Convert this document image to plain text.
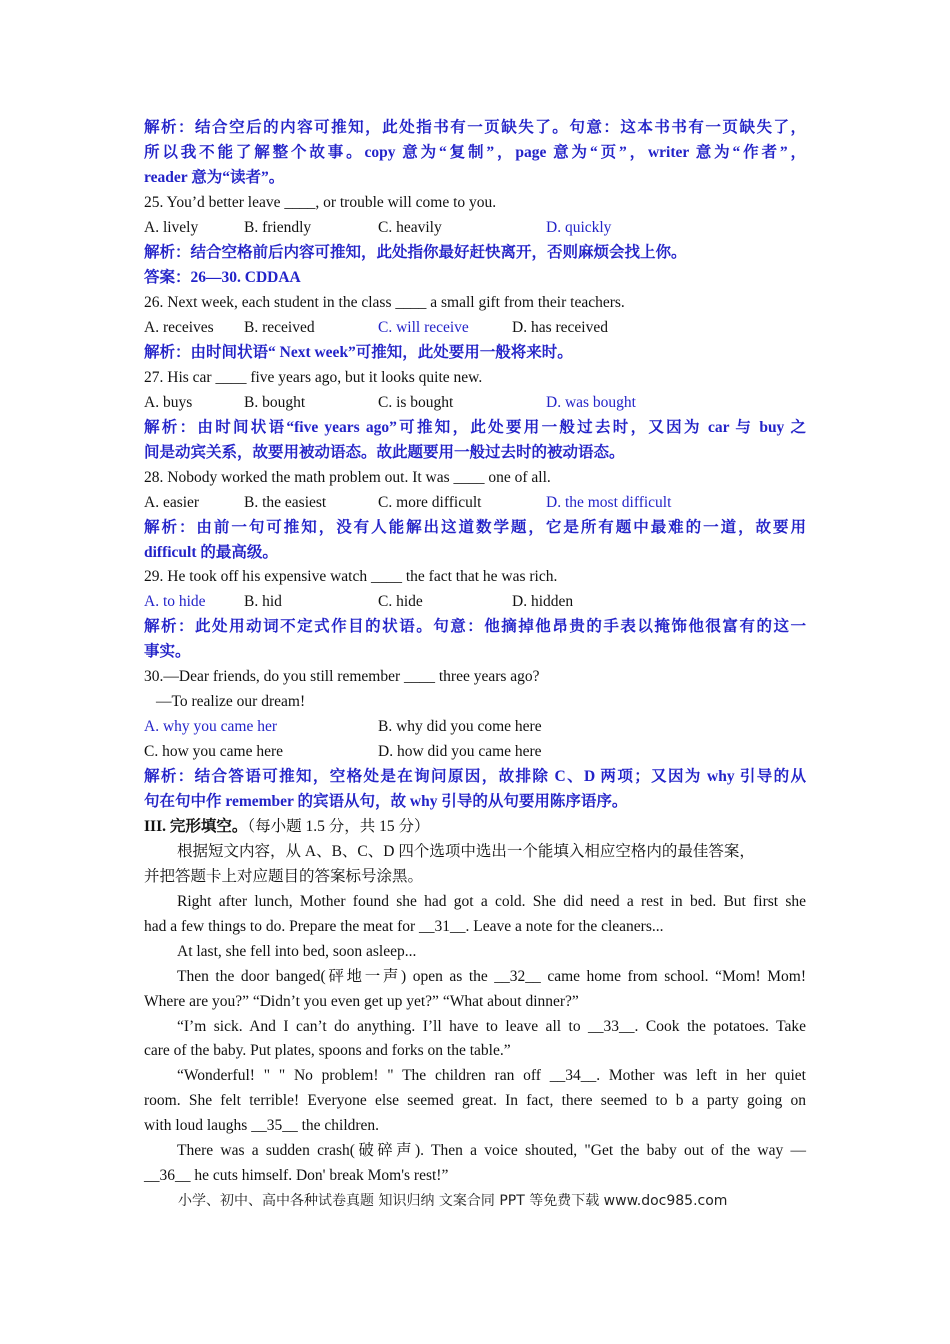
解析：结合空后的内容可推知，此处指书有一页缺失了。句意：这本书书有一页缺失了，
所以我不能了解整个故事。copy 意为“复制”，page 意为“页”，writer 意为“作者”，
reader 意为“读者”。
25. You’d better leave ____, or trouble will come to you.
A. lively	B. friendly	C. heavily	D. quickly
解析：结合空格前后内容可推知，此处指你最好赶快离开，否则麻烦会找上你。
答案：26—30. CDDAA
26. Next week, each student in the class ____ a small gift from their teachers.
A. receives B. received	C. will receive	D. has received
解析：由时间状语“ Next week”可推知，此处要用一般将来时。
27. His car ____ five years ago, but it looks quite new.
A. buys	B. bought	C. is bought	D. was bought
解析：由时间状语“five years ago”可推知，此处要用一般过去时，又因为 car 与 buy 之
间是动宾关系，故要用被动语态。故此题要用一般过去时的被动语态。
28. Nobody worked the math problem out. It was ____ one of all.
A. easier	B. the easiest	C. more difficult	D. the most difficult
解析：由前一句可推知，没有人能解出这道数学题，它是所有题中最难的一道，故要用
difficult 的最高级。
29. He took off his expensive watch ____ the fact that he was rich.
A. to hide B. hid	C. hide	D. hidden
解析：此处用动词不定式作目的状语。句意：他摘掉他昂贵的手表以掩饰他很富有的这一
事实。
30.—Dear friends, do you still remember ____ three years ago?
—To realize our dream!
A. why you came her	B. why did you come here
C. how you came here	D. how did you came here
解析：结合答语可推知，空格处是在询问原因，故排除 C、D 两项；又因为 why 引导的从
句在句中作 remember 的宾语从句，故 why 引导的从句要用陈序语序。
III. 完形填空。（每小题 1.5 分，共 15 分）
根据短文内容，从 A、B、C、D 四个选项中选出一个能填入相应空格内的最佳答案，
并把答题卡上对应题目的答案标号涂黑。
Right after lunch, Mother found she had got a cold. She did need a rest in bed. But first she
had a few things to do. Prepare the meat for __31__. Leave a note for the cleaners...
At last, she fell into bed, soon asleep...
Then the door banged(砰地一声) open as the __32__ came home from school. “Mom! Mom!
Where are you?” “Didn’t you even get up yet?” “What about dinner?”
“I’m sick. And I can’t do anything. I’ll have to leave all to __33__. Cook the potatoes. Take
care of the baby. Put plates, spoons and forks on the table.”
“Wonderful! " " No problem! " The children ran off __34__. Mother was left in her quiet
room. She felt terrible! Everyone else seemed great. In fact, there seemed to b a party going on
with loud laughs __35__ the children.
There was a sudden crash(破碎声). Then a voice shouted, "Get the baby out of the way —
__36__ he cuts himself. Don' break Mom's rest!”
小学、初中、高中各种试卷真题 知识归纳 文案合同 PPT 等免费下载 www.doc985.com
